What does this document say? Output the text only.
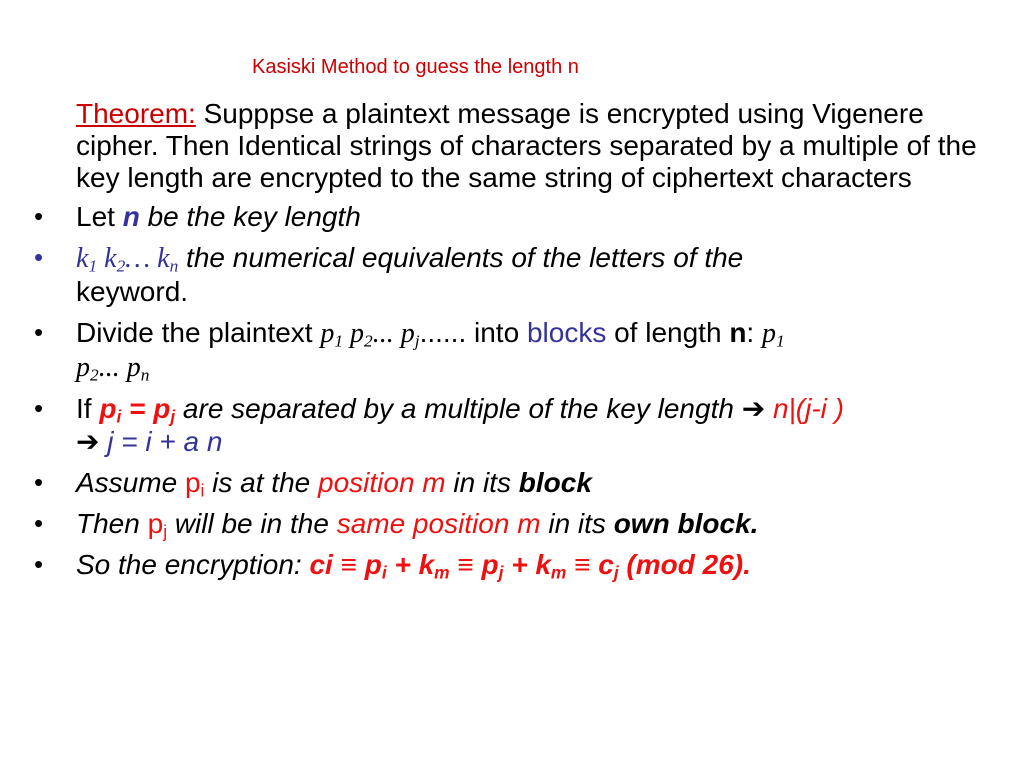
Kasiski Method to guess the length n
Theorem: Supppse a plaintext message is encrypted using Vigenere cipher. Then Identical strings of characters separated by a multiple of the key length are encrypted to the same string of ciphertext characters
• Let n be the key length
• $k_1$ $k_2\dots$ $k_n$ the numerical equivalents of the letters of the
keyword.
• Divide the plaintext $p_1$ $p_2$... $p_j$...... into blocks of length n: $p_1$
$p_2$... $p_n$
• If $p_i = p_j$ are separated by a multiple of the key length ➔ n|(j-i )
➔ j = i + a n
• Assume $p_i$ is at the position m in its block
• Then $p_j$ will be in the same position m in its own block.
• So the encryption: ci ≡ $p_i + k_m \equiv p_j + k_m \equiv c_j$ (mod 26).
